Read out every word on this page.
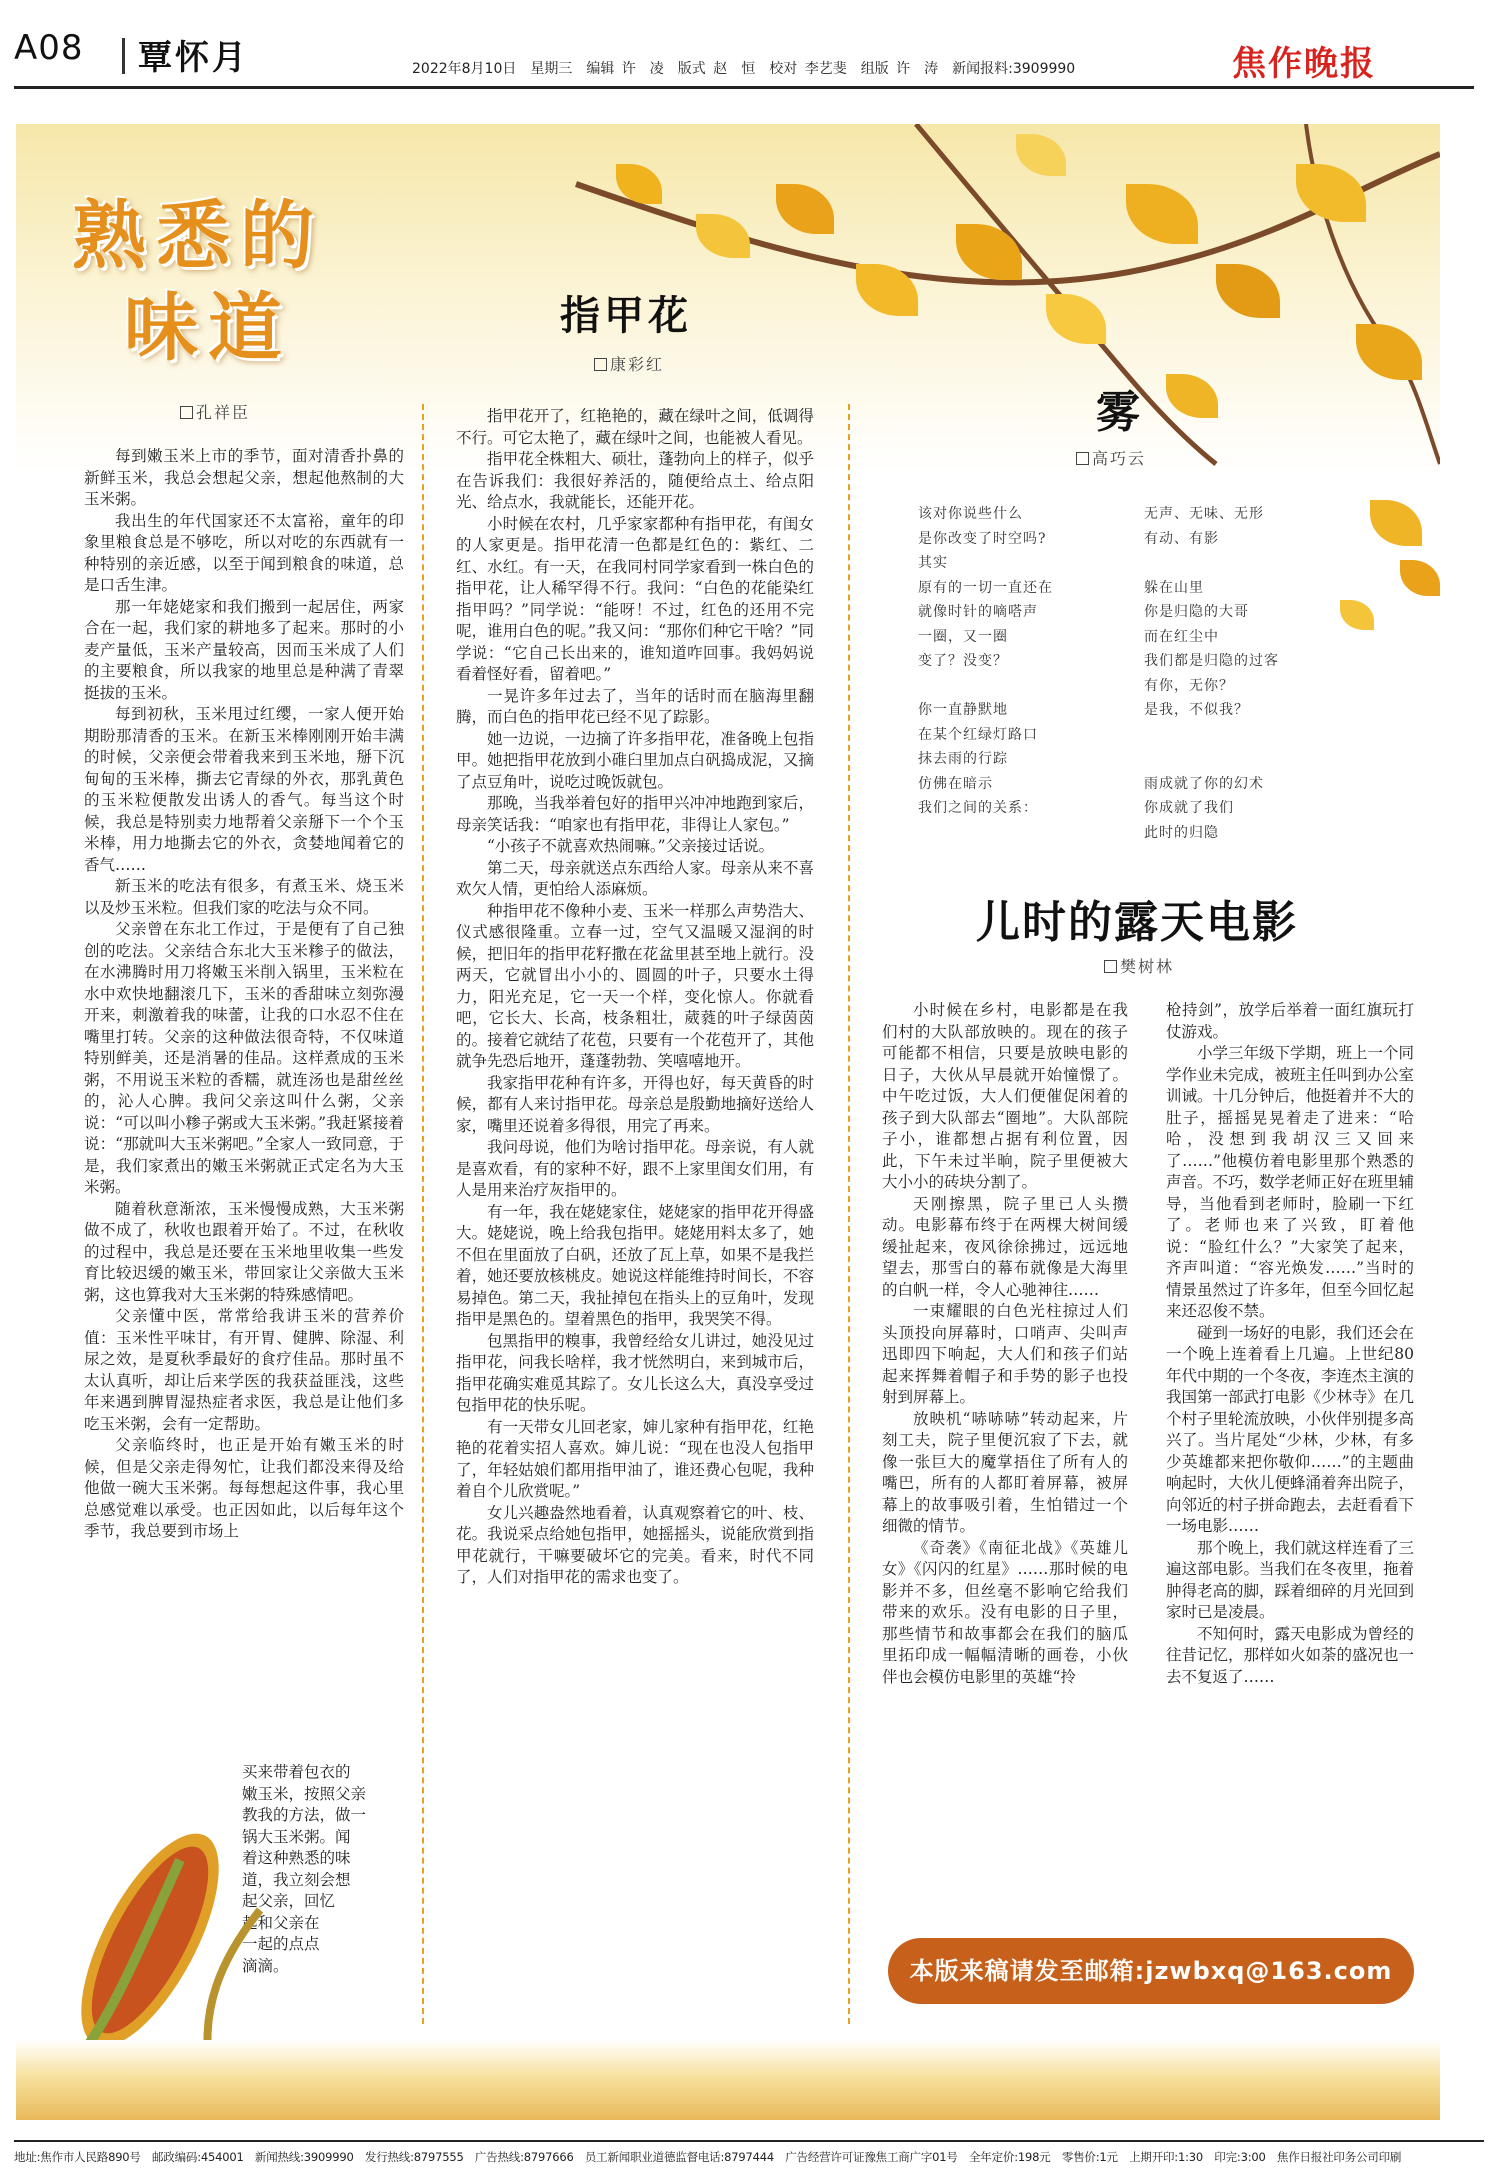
A08 覃怀月	2022年8月10日　星期三　编辑 许　凌　版式 赵　恒　校对 李艺斐　组版 许　涛　新闻报料:3909990	焦作晚报
熟悉的
味道
孔祥臣

每到嫩玉米上市的季节，面对清香扑鼻的新鲜玉米，我总会想起父亲，想起他熬制的大玉米粥。

我出生的年代国家还不太富裕，童年的印象里粮食总是不够吃，所以对吃的东西就有一种特别的亲近感，以至于闻到粮食的味道，总是口舌生津。

那一年姥姥家和我们搬到一起居住，两家合在一起，我们家的耕地多了起来。那时的小麦产量低，玉米产量较高，因而玉米成了人们的主要粮食，所以我家的地里总是种满了青翠挺拔的玉米。

每到初秋，玉米甩过红缨，一家人便开始期盼那清香的玉米。在新玉米棒刚刚开始丰满的时候，父亲便会带着我来到玉米地，掰下沉甸甸的玉米棒，撕去它青绿的外衣，那乳黄色的玉米粒便散发出诱人的香气。每当这个时候，我总是特别卖力地帮着父亲掰下一个个玉米棒，用力地撕去它的外衣，贪婪地闻着它的香气……

新玉米的吃法有很多，有煮玉米、烧玉米以及炒玉米粒。但我们家的吃法与众不同。

父亲曾在东北工作过，于是便有了自己独创的吃法。父亲结合东北大玉米糁子的做法，在水沸腾时用刀将嫩玉米削入锅里，玉米粒在水中欢快地翻滚几下，玉米的香甜味立刻弥漫开来，刺激着我的味蕾，让我的口水忍不住在嘴里打转。父亲的这种做法很奇特，不仅味道特别鲜美，还是消暑的佳品。这样煮成的玉米粥，不用说玉米粒的香糯，就连汤也是甜丝丝的，沁人心脾。我问父亲这叫什么粥，父亲说：“可以叫小糁子粥或大玉米粥。”我赶紧接着说：“那就叫大玉米粥吧。”全家人一致同意，于是，我们家煮出的嫩玉米粥就正式定名为大玉米粥。

随着秋意渐浓，玉米慢慢成熟，大玉米粥做不成了，秋收也跟着开始了。不过，在秋收的过程中，我总是还要在玉米地里收集一些发育比较迟缓的嫩玉米，带回家让父亲做大玉米粥，这也算我对大玉米粥的特殊感情吧。

父亲懂中医，常常给我讲玉米的营养价值：玉米性平味甘，有开胃、健脾、除湿、利尿之效，是夏秋季最好的食疗佳品。那时虽不太认真听，却让后来学医的我获益匪浅，这些年来遇到脾胃湿热症者求医，我总是让他们多吃玉米粥，会有一定帮助。

父亲临终时，也正是开始有嫩玉米的时候，但是父亲走得匆忙，让我们都没来得及给他做一碗大玉米粥。每每想起这件事，我心里总感觉难以承受。也正因如此，以后每年这个季节，我总要到市场上

买来带着包衣的

嫩玉米，按照父亲

教我的方法，做一

锅大玉米粥。闻

着这种熟悉的味

道，我立刻会想

起父亲，回忆

起和父亲在

一起的点点

滴滴。

指甲花
康彩红

指甲花开了，红艳艳的，藏在绿叶之间，低调得不行。可它太艳了，藏在绿叶之间，也能被人看见。

指甲花全株粗大、硕壮，蓬勃向上的样子，似乎在告诉我们：我很好养活的，随便给点土、给点阳光、给点水，我就能长，还能开花。

小时候在农村，几乎家家都种有指甲花，有闺女的人家更是。指甲花清一色都是红色的：紫红、二红、水红。有一天，在我同村同学家看到一株白色的指甲花，让人稀罕得不行。我问：“白色的花能染红指甲吗？”同学说：“能呀！不过，红色的还用不完呢，谁用白色的呢。”我又问：“那你们种它干啥？”同学说：“它自己长出来的，谁知道咋回事。我妈妈说看着怪好看，留着吧。”

一晃许多年过去了，当年的话时而在脑海里翻腾，而白色的指甲花已经不见了踪影。

她一边说，一边摘了许多指甲花，准备晚上包指甲。她把指甲花放到小碓臼里加点白矾捣成泥，又摘了点豆角叶，说吃过晚饭就包。

那晚，当我举着包好的指甲兴冲冲地跑到家后，母亲笑话我：“咱家也有指甲花，非得让人家包。”

“小孩子不就喜欢热闹嘛。”父亲接过话说。

第二天，母亲就送点东西给人家。母亲从来不喜欢欠人情，更怕给人添麻烦。

种指甲花不像种小麦、玉米一样那么声势浩大、仪式感很隆重。立春一过，空气又温暖又湿润的时候，把旧年的指甲花籽撒在花盆里甚至地上就行。没两天，它就冒出小小的、圆圆的叶子，只要水土得力，阳光充足，它一天一个样，变化惊人。你就看吧，它长大、长高，枝条粗壮，葳蕤的叶子绿茵茵的。接着它就结了花苞，只要有一个花苞开了，其他就争先恐后地开，蓬蓬勃勃、笑嘻嘻地开。

我家指甲花种有许多，开得也好，每天黄昏的时候，都有人来讨指甲花。母亲总是殷勤地摘好送给人家，嘴里还说着多得很，用完了再来。

我问母说，他们为啥讨指甲花。母亲说，有人就是喜欢看，有的家种不好，跟不上家里闺女们用，有人是用来治疗灰指甲的。

有一年，我在姥姥家住，姥姥家的指甲花开得盛大。姥姥说，晚上给我包指甲。姥姥用料太多了，她不但在里面放了白矾，还放了瓦上草，如果不是我拦着，她还要放核桃皮。她说这样能维持时间长，不容易掉色。第二天，我扯掉包在指头上的豆角叶，发现指甲是黑色的。望着黑色的指甲，我哭笑不得。

包黑指甲的糗事，我曾经给女儿讲过，她没见过指甲花，问我长啥样，我才恍然明白，来到城市后，指甲花确实难觅其踪了。女儿长这么大，真没享受过包指甲花的快乐呢。

有一天带女儿回老家，婶儿家种有指甲花，红艳艳的花着实招人喜欢。婶儿说：“现在也没人包指甲了，年轻姑娘们都用指甲油了，谁还费心包呢，我种着自个儿欣赏呢。”

女儿兴趣盎然地看着，认真观察着它的叶、枝、花。我说采点给她包指甲，她摇摇头，说能欣赏到指甲花就行，干嘛要破坏它的完美。看来，时代不同了，人们对指甲花的需求也变了。

雾
高巧云
该对你说些什么
是你改变了时空吗?
其实
原有的一切一直还在
就像时针的嘀嗒声
一圈，又一圈
变了？没变？
你一直静默地
在某个红绿灯路口
抹去雨的行踪
仿佛在暗示
我们之间的关系：
无声、无味、无形
有动、有影
躲在山里
你是归隐的大哥
而在红尘中
我们都是归隐的过客
有你，无你？
是我，不似我？
雨成就了你的幻术
你成就了我们
此时的归隐
儿时的露天电影
樊树林

小时候在乡村，电影都是在我们村的大队部放映的。现在的孩子可能都不相信，只要是放映电影的日子，大伙从早晨就开始憧憬了。中午吃过饭，大人们便催促闲着的孩子到大队部去“圈地”。大队部院子小，谁都想占据有利位置，因此，下午未过半晌，院子里便被大大小小的砖块分割了。

天刚擦黑，院子里已人头攒动。电影幕布终于在两棵大树间缓缓扯起来，夜风徐徐拂过，远远地望去，那雪白的幕布就像是大海里的白帆一样，令人心驰神往……

一束耀眼的白色光柱掠过人们头顶投向屏幕时，口哨声、尖叫声迅即四下响起，大人们和孩子们站起来挥舞着帽子和手势的影子也投射到屏幕上。

放映机“哧哧哧”转动起来，片刻工夫，院子里便沉寂了下去，就像一张巨大的魔掌捂住了所有人的嘴巴，所有的人都盯着屏幕，被屏幕上的故事吸引着，生怕错过一个细微的情节。

《奇袭》《南征北战》《英雄儿女》《闪闪的红星》……那时候的电影并不多，但丝毫不影响它给我们带来的欢乐。没有电影的日子里，那些情节和故事都会在我们的脑瓜里拓印成一幅幅清晰的画卷，小伙伴也会模仿电影里的英雄“拎

枪持剑”，放学后举着一面红旗玩打仗游戏。

小学三年级下学期，班上一个同学作业未完成，被班主任叫到办公室训诫。十几分钟后，他挺着并不大的肚子，摇摇晃晃着走了进来：“哈哈，没想到我胡汉三又回来了……”他模仿着电影里那个熟悉的声音。不巧，数学老师正好在班里辅导，当他看到老师时，脸刷一下红了。老师也来了兴致，盯着他说：“脸红什么？”大家笑了起来，齐声叫道：“容光焕发……”当时的情景虽然过了许多年，但至今回忆起来还忍俊不禁。

碰到一场好的电影，我们还会在一个晚上连着看上几遍。上世纪80年代中期的一个冬夜，李连杰主演的我国第一部武打电影《少林寺》在几个村子里轮流放映，小伙伴别提多高兴了。当片尾处“少林，少林，有多少英雄都来把你敬仰……”的主题曲响起时，大伙儿便蜂涌着奔出院子，向邻近的村子拼命跑去，去赶看看下一场电影……

那个晚上，我们就这样连看了三遍这部电影。当我们在冬夜里，拖着肿得老高的脚，踩着细碎的月光回到家时已是凌晨。

不知何时，露天电影成为曾经的往昔记忆，那样如火如荼的盛况也一去不复返了……

本版来稿请发至邮箱:jzwbxq@163.com
地址:焦作市人民路890号　邮政编码:454001　新闻热线:3909990　发行热线:8797555　广告热线:8797666　员工新闻职业道德监督电话:8797444　广告经营许可证豫焦工商广字01号　全年定价:198元　零售价:1元　上期开印:1:30　印完:3:00　焦作日报社印务公司印刷
